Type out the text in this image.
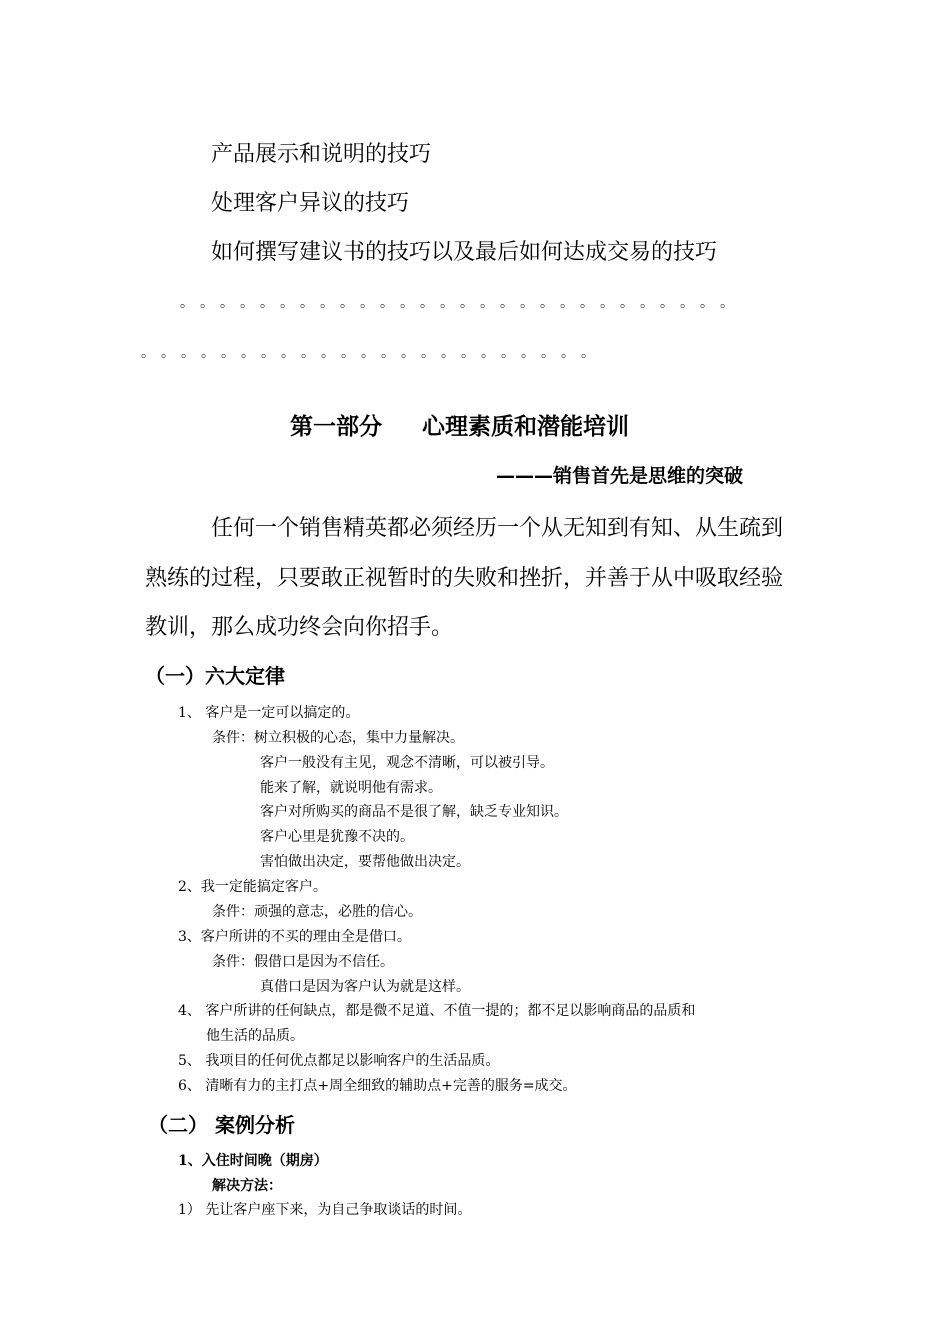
产品展示和说明的技巧
处理客户异议的技巧
如何撰写建议书的技巧以及最后如何达成交易的技巧
。。。。。。。。。。。。。。。。。。。。。。。。。。。。
。。。。。。。。。。。。。。。。。。。。。。。
第一部分 心理素质和潜能培训
———销售首先是思维的突破
任何一个销售精英都必须经历一个从无知到有知、从生疏到
熟练的过程，只要敢正视暂时的失败和挫折，并善于从中吸取经验
教训，那么成功终会向你招手。
（一）六大定律
1、 客户是一定可以搞定的。
条件：树立积极的心态，集中力量解决。
客户一般没有主见，观念不清晰，可以被引导。
能来了解，就说明他有需求。
客户对所购买的商品不是很了解，缺乏专业知识。
客户心里是犹豫不决的。
害怕做出决定，要帮他做出决定。
2、我一定能搞定客户。
条件：顽强的意志，必胜的信心。
3、客户所讲的不买的理由全是借口。
条件：假借口是因为不信任。
真借口是因为客户认为就是这样。
4、 客户所讲的任何缺点，都是微不足道、不值一提的；都不足以影响商品的品质和
他生活的品质。
5、 我项目的任何优点都足以影响客户的生活品质。
6、 清晰有力的主打点+周全细致的辅助点+完善的服务=成交。
（二） 案例分析
1、入住时间晚（期房）
解决方法：
1） 先让客户座下来，为自己争取谈话的时间。
